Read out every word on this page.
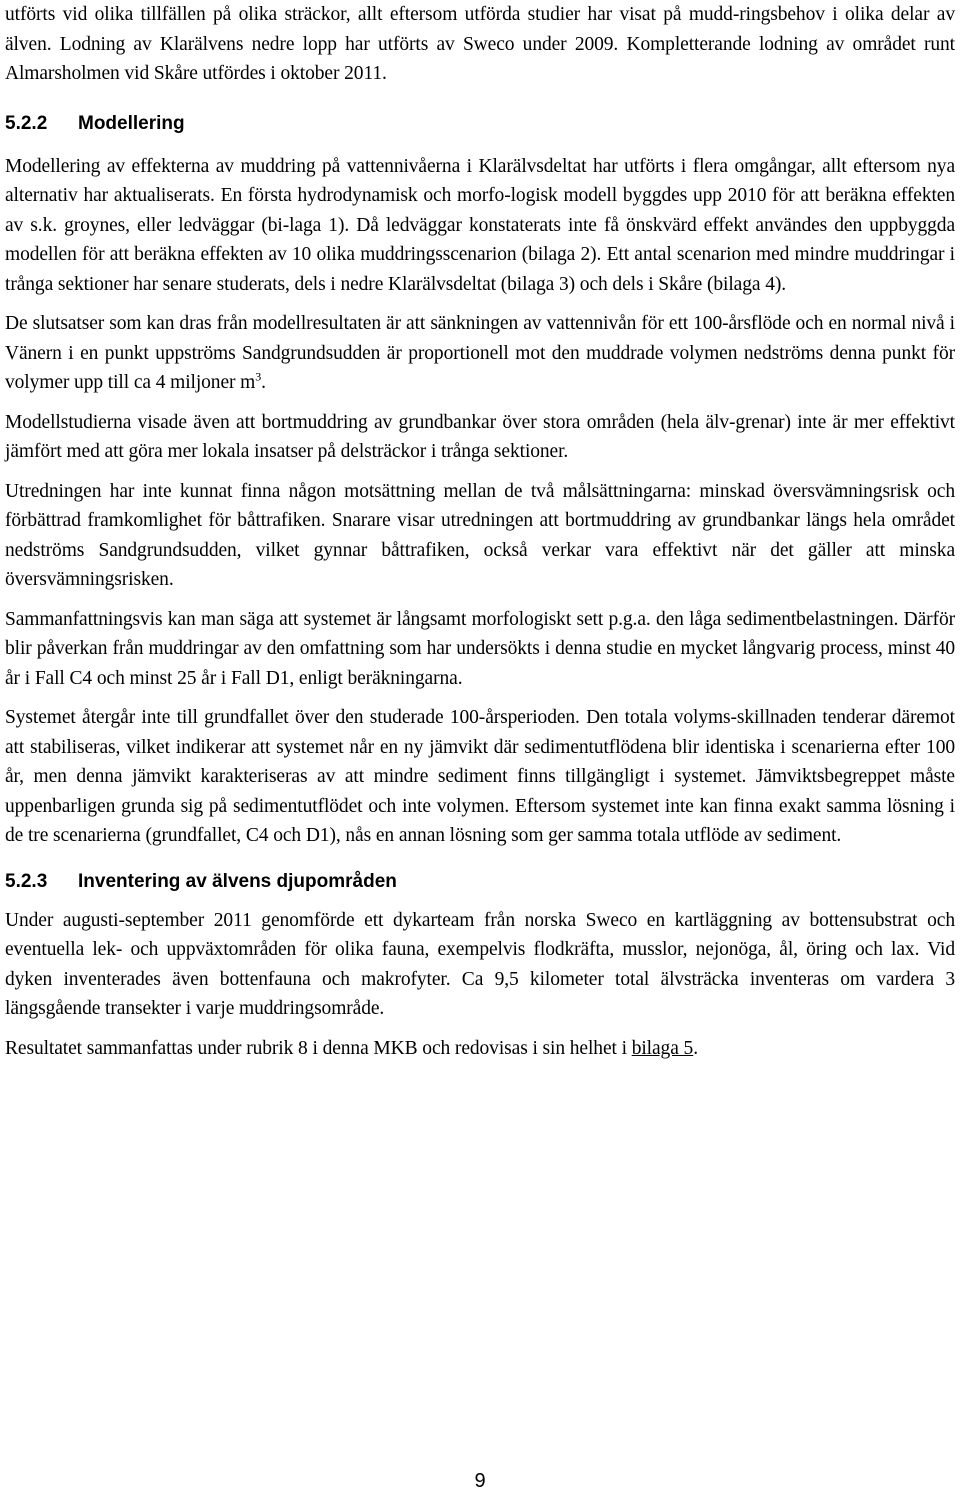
utförts vid olika tillfällen på olika sträckor, allt eftersom utförda studier har visat på mudd-ringsbehov i olika delar av älven. Lodning av Klarälvens nedre lopp har utförts av Sweco under 2009. Kompletterande lodning av området runt Almarsholmen vid Skåre utfördes i oktober 2011.

5.2.2 Modellering

Modellering av effekterna av muddring på vattennivåerna i Klarälvsdeltat har utförts i flera omgångar, allt eftersom nya alternativ har aktualiserats. En första hydrodynamisk och morfo-logisk modell byggdes upp 2010 för att beräkna effekten av s.k. groynes, eller ledväggar (bi-laga 1). Då ledväggar konstaterats inte få önskvärd effekt användes den uppbyggda modellen för att beräkna effekten av 10 olika muddringsscenarion (bilaga 2). Ett antal scenarion med mindre muddringar i trånga sektioner har senare studerats, dels i nedre Klarälvsdeltat (bilaga 3) och dels i Skåre (bilaga 4).

De slutsatser som kan dras från modellresultaten är att sänkningen av vattennivån för ett 100-årsflöde och en normal nivå i Vänern i en punkt uppströms Sandgrundsudden är proportionell mot den muddrade volymen nedströms denna punkt för volymer upp till ca 4 miljoner $m^3$.

Modellstudierna visade även att bortmuddring av grundbankar över stora områden (hela älv-grenar) inte är mer effektivt jämfört med att göra mer lokala insatser på delsträckor i trånga sektioner.

Utredningen har inte kunnat finna någon motsättning mellan de två målsättningarna: minskad översvämningsrisk och förbättrad framkomlighet för båttrafiken. Snarare visar utredningen att bortmuddring av grundbankar längs hela området nedströms Sandgrundsudden, vilket gynnar båttrafiken, också verkar vara effektivt när det gäller att minska översvämningsrisken.

Sammanfattningsvis kan man säga att systemet är långsamt morfologiskt sett p.g.a. den låga sedimentbelastningen. Därför blir påverkan från muddringar av den omfattning som har undersökts i denna studie en mycket långvarig process, minst 40 år i Fall C4 och minst 25 år i Fall D1, enligt beräkningarna.

Systemet återgår inte till grundfallet över den studerade 100-årsperioden. Den totala volyms-skillnaden tenderar däremot att stabiliseras, vilket indikerar att systemet når en ny jämvikt där sedimentutflödena blir identiska i scenarierna efter 100 år, men denna jämvikt karakteriseras av att mindre sediment finns tillgängligt i systemet. Jämviktsbegreppet måste uppenbarligen grunda sig på sedimentutflödet och inte volymen. Eftersom systemet inte kan finna exakt samma lösning i de tre scenarierna (grundfallet, C4 och D1), nås en annan lösning som ger samma totala utflöde av sediment.

5.2.3 Inventering av älvens djupområden

Under augusti-september 2011 genomförde ett dykarteam från norska Sweco en kartläggning av bottensubstrat och eventuella lek- och uppväxtområden för olika fauna, exempelvis flodkräfta, musslor, nejonöga, ål, öring och lax. Vid dyken inventerades även bottenfauna och makrofyter. Ca 9,5 kilometer total älvsträcka inventeras om vardera 3 längsgående transekter i varje muddringsområde.

Resultatet sammanfattas under rubrik 8 i denna MKB och redovisas i sin helhet i bilaga 5.

9
